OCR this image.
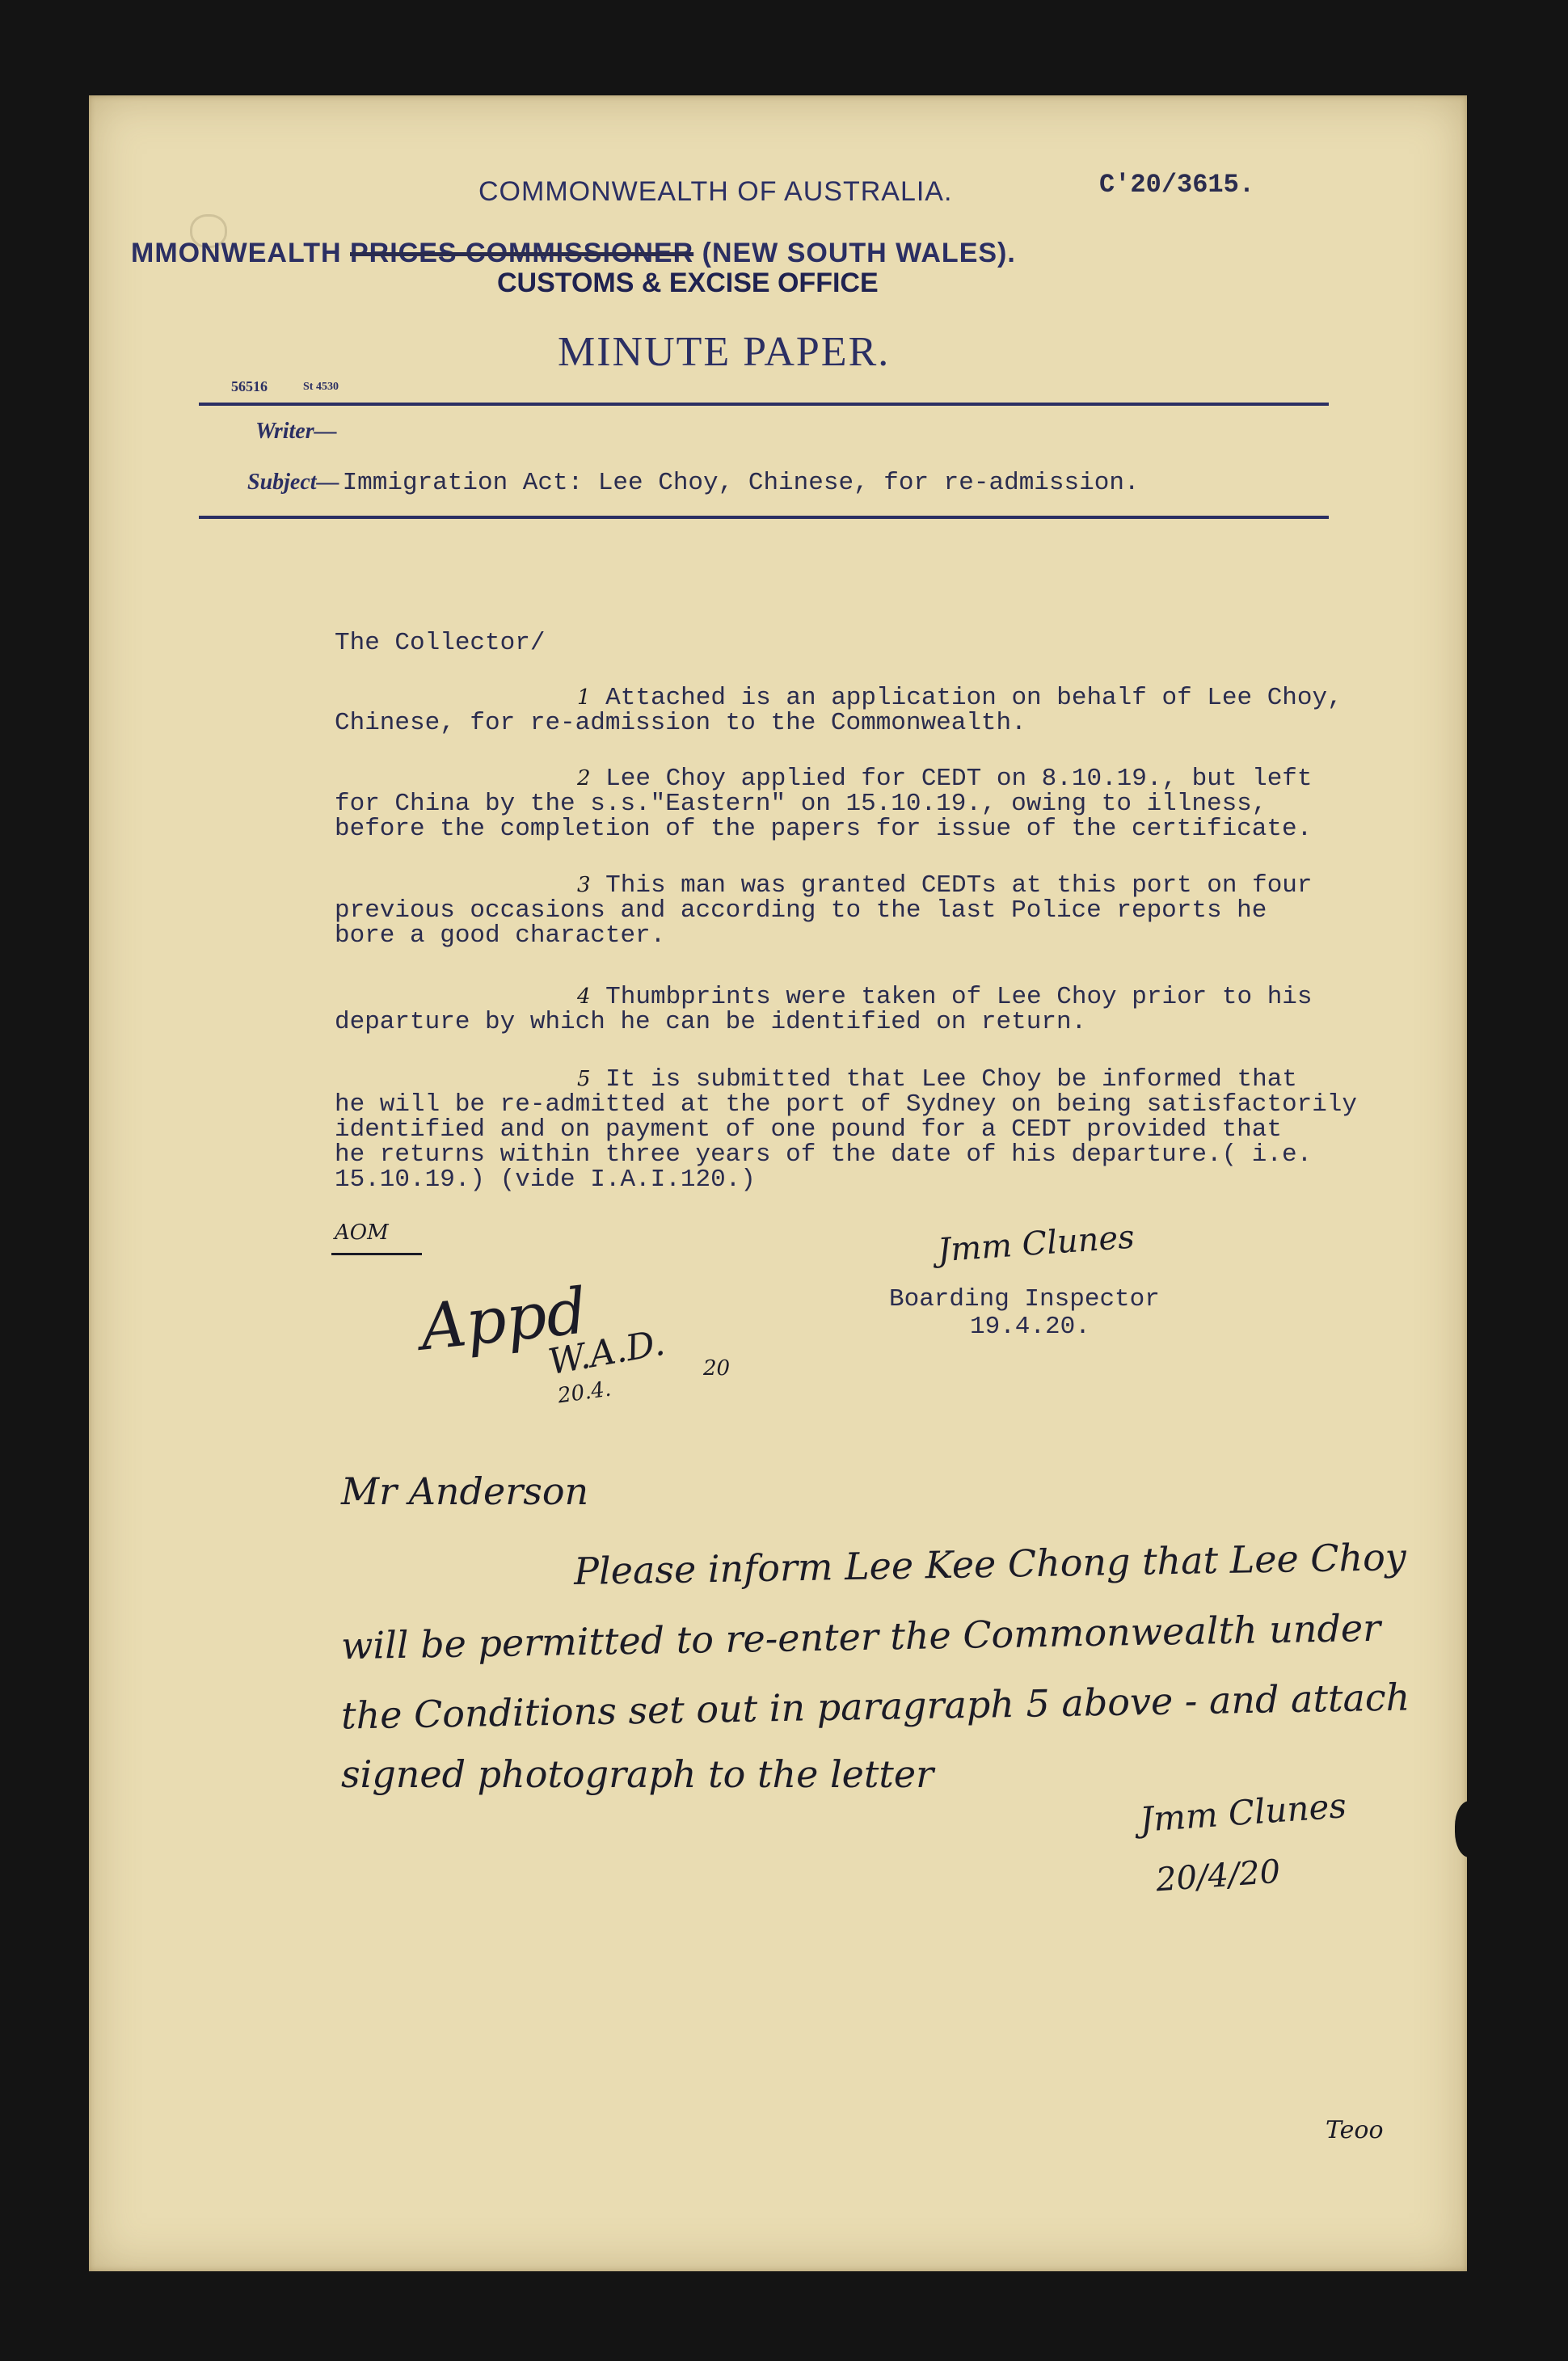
COMMONWEALTH OF AUSTRALIA.	C'20/3615.
MMONWEALTH PRICES COMMISSIONER (NEW SOUTH WALES).
CUSTOMS & EXCISE OFFICE
MINUTE PAPER.
56516	St 4530
Writer—
Subject— Immigration Act: Lee Choy, Chinese, for re-admission.
The Collector/
1 Attached is an application on behalf of Lee Choy,
Chinese, for re-admission to the Commonwealth.
2 Lee Choy applied for CEDT on 8.10.19., but left
for China by the s.s."Eastern" on 15.10.19., owing to illness,
before the completion of the papers for issue of the certificate.
3 This man was granted CEDTs at this port on four
previous occasions and according to the last Police reports he
bore a good character.
4 Thumbprints were taken of Lee Choy prior to his
departure by which he can be identified on return.
5 It is submitted that Lee Choy be informed that
he will be re-admitted at the port of Sydney on being satisfactorily
identified and on payment of one pound for a CEDT provided that
he returns within three years of the date of his departure.( i.e.
15.10.19.) (vide I.A.I.120.)
AOM	Jmm Clunes
Boarding Inspector
19.4.20.
Appd
W.A.D. 20
20.4.
Mr Anderson
Please inform Lee Kee Chong that Lee Choy
will be permitted to re-enter the Commonwealth under
the Conditions set out in paragraph 5 above - and attach
signed photograph to the letter
Jmm Clunes
20/4/20
Teoo
